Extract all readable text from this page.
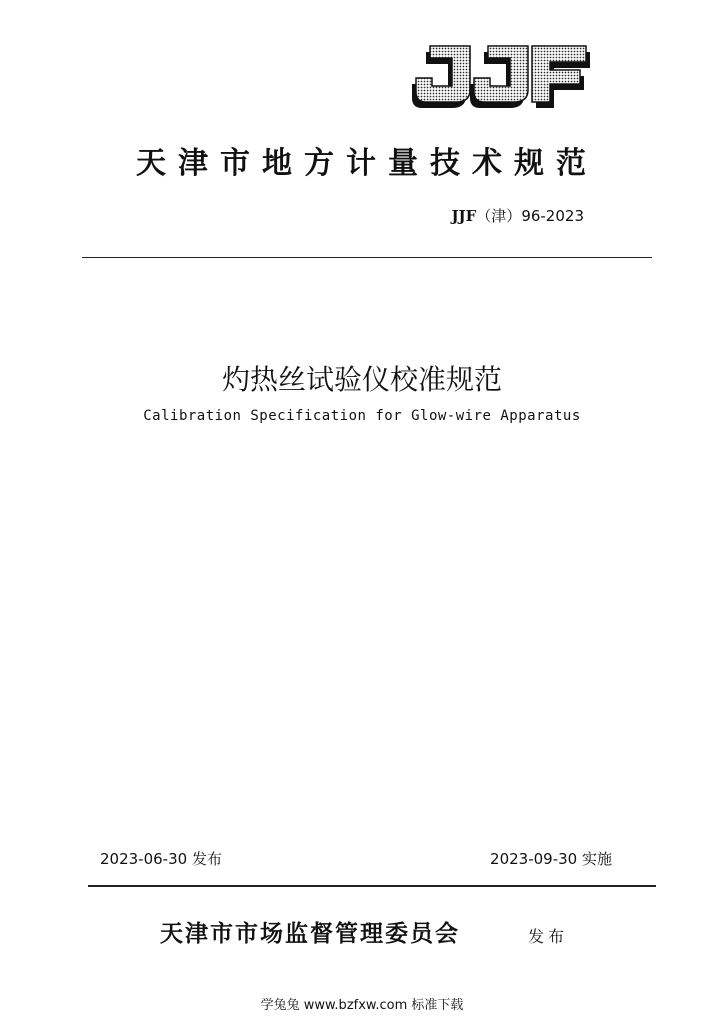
天津市地方计量技术规范
JJF（津）96-2023
灼热丝试验仪校准规范
Calibration Specification for Glow-wire Apparatus
2023-06-30 发布	2023-09-30 实施
天津市市场监督管理委员会	发布
学兔兔 www.bzfxw.com 标准下载
